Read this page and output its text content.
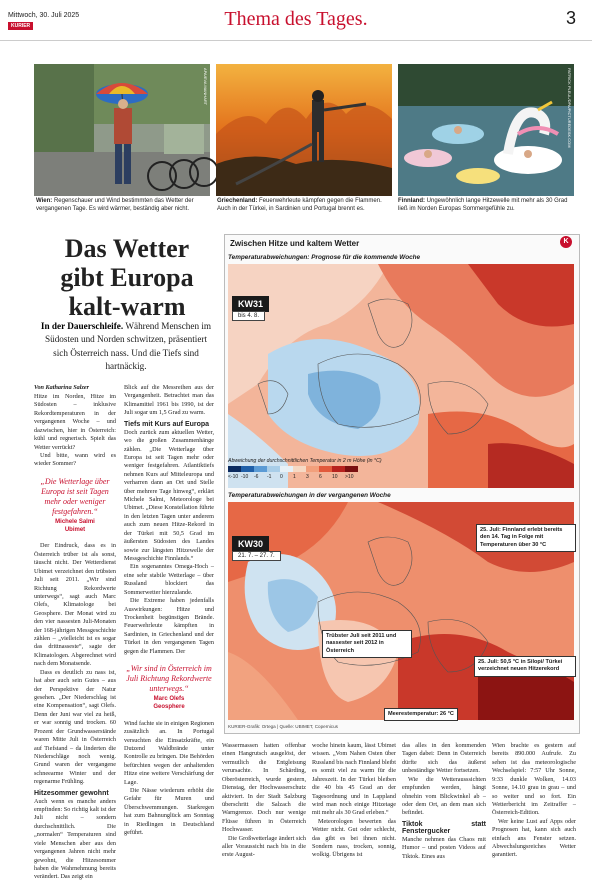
Mittwoch, 30. Juli 2025
KURIER	Thema des Tages.	3
APA/EVA MANHART	PATRICK PLEUL/DPA/PICTUREDESK.COM
Wien: Regenschauer und Wind bestimmten das Wetter der vergangenen Tage. Es wird wärmer, beständig aber nicht.
Griechenland: Feuerwehrleute kämpfen gegen die Flammen. Auch in der Türkei, in Sardinien und Portugal brennt es.
Finnland: Ungewöhnlich lange Hitzewelle mit mehr als 30 Grad ließ im Norden Europas Sommergefühle zu.
Das Wetter gibt Europa kalt-warm
In der Dauerschleife. Während Menschen im Südosten und Norden schwitzen, präsentiert sich Österreich nass. Und die Tiefs sind hartnäckig.
Von Katharina Salzer

Hitze im Norden, Hitze im Südosten – inklusive Rekordtemperaturen in der vergangenen Woche – und dazwischen, hier in Österreich: kühl und regnerisch. Spielt das Wetter verrückt?

Und bitte, wann wird es wieder Sommer?

„Die Wetterlage über Europa ist seit Tagen mehr oder weniger festgefahren.“
Michele Salmi
Ubimet

Der Eindruck, dass es in Österreich trüber ist als sonst, täuscht nicht. Der Wetterdienst Ubimet verzeichnet den trübsten Juli seit 2011. „Wir sind Richtung Rekordwerte unterwegs“, sagt auch Marc Olefs, Klimatologe bei Geosphere. Der Monat wird zu den vier nassesten Juli-Monaten der 168-jährigen Messgeschichte zählen – „vielleicht ist es sogar das drittnasseste“, sagte der Klimatologen. Abgerechnet wird nach dem Monatsende.

Dass es deutlich zu nass ist, hat aber auch sein Gutes – aus der Perspektive der Natur gesehen. „Der Niederschlag ist eine Kompensation“, sagt Olefs. Denn der Juni war viel zu heiß, er war sonnig und trocken. 60 Prozent der Grundwasserstände waren Mitte Juli in Österreich auf Tiefstand – da linderten die Niederschläge noch wenig. Grund waren der vergangene schneearme Winter und der regenarme Frühling.

Hitzesommer gewohnt

Auch wenn es manche anders empfinden: So richtig kalt ist der Juli nicht – sondern durchschnittlich. Die „normalen“ Temperaturen sind viele Menschen aber aus den vergangenen Jahren nicht mehr gewohnt, die Hitzesommer haben die Wahrnehmung bereits verändert. Das zeigt ein

Blick auf die Messreihen aus der Vergangenheit. Betrachtet man das Klimamittel 1961 bis 1990, ist der Juli sogar um 1,5 Grad zu warm.

Tiefs mit Kurs auf Europa

Doch zurück zum aktuellen Wetter, wo die großen Zusammenhänge zählen. „Die Wetterlage über Europa ist seit Tagen mehr oder weniger festgefahren. Atlantiktiefs nehmen Kurs auf Mitteleuropa und verharren dann an Ort und Stelle über mehrere Tage hinweg“, erklärt Michele Salmi, Meteorologe bei Ubimet. „Diese Konstellation führte in den letzten Tagen unter anderem auch zum neuen Hitze-Rekord in der Türkei mit 50,5 Grad im äußersten Südosten des Landes sowie zur längsten Hitzewelle der Messgeschichte Finnlands.“

Ein sogenanntes Omega-Hoch – eine sehr stabile Wetterlage – über Russland blockiert das Sommerwetter hierzulande.

Die Extreme haben jedenfalls Auswirkungen: Hitze und Trockenheit begünstigen Brände. Feuerwehrleute kämpften in Sardinien, in Griechenland und der Türkei in den vergangenen Tagen gegen die Flammen. Der

„Wir sind in Österreich im Juli Richtung Rekordwerte unterwegs.“
Marc Olefs
Geosphere

Wind fachte sie in einigen Regionen zusätzlich an. In Portugal versuchten die Einsatzkräfte, ein Dutzend Waldbrände unter Kontrolle zu bringen. Die Behörden befürchten wegen der anhaltenden Hitze eine weitere Verschärfung der Lage.

Die Nässe wiederum erhöht die Gefahr für Muren und Überschwemmungen. Starkregen hat zum Bahnunglück am Sonntag in Riedlingen in Deutschland geführt.

Wassermassen hatten offenbar einen Hangrutsch ausgelöst, der vermutlich die Entgleisung verursachte. In Schärding, Oberösterreich, wurde gestern, Dienstag, der Hochwasserschutz aktiviert. In der Stadt Salzburg überschritt die Salzach die Warngrenze. Doch nur wenige Flüsse führen in Österreich Hochwasser.

Die Großwetterlage ändert sich aller Voraussicht nach bis in die erste August-

woche hinein kaum, lässt Ubimet wissen. „Vom Nahen Osten über Russland bis nach Finnland bleibt es somit viel zu warm für die Jahreszeit. In der Türkei bleiben die 40 bis 45 Grad an der Tagesordnung und in Lappland wird man noch einige Hitzetage mit mehr als 30 Grad erleben.“

Meteorologen bewerten das Wetter nicht. Gut oder schlecht, das gibt es bei ihnen nicht. Sondern nass, trocken, sonnig, wolkig. Übrigens ist

das alles in den kommenden Tagen dabei: Denn in Österreich dürfte sich das äußerst unbeständige Wetter fortsetzen.

Wie die Wetterausssichten empfunden werden, hängt ohnehin vom Blickwinkel ab – oder dem Ort, an dem man sich befindet.

Tiktok statt Fenstergucker

Manche nehmen das Chaos mit Humor – und posten Videos auf Tiktok. Eines aus

Wien brachte es gestern auf bereits 890.000 Aufrufe. Zu sehen ist das meteorologische Wechselspiel: 7:57 Uhr Sonne, 9:33 dunkle Wolken, 14.03 Sonne, 14.10 grau in grau – und so weiter und so fort. Ein Wetterbericht im Zeitraffer – Österreich-Edition.

Wer keine Lust auf Apps oder Prognosen hat, kann sich auch einfach ans Fenster setzen. Abwechslungsreiches Wetter garantiert.

Zwischen Hitze und kaltem Wetter	K
Temperaturabweichungen: Prognose für die kommende Woche
KW31
bis 4. 8.
Abweichung der durchschnittlichen Temperatur in 2 m Höhe (in °C)
<-10 -10	-6	-1	0	1	3	6	10	>10
Temperaturabweichungen in der vergangenen Woche
KW30
21. 7. – 27. 7.
25. Juli: Finnland erlebt bereits den 14. Tag in Folge mit Temperaturen über 30 °C
Trübster Juli seit 2011 und nassester seit 2012 in Österreich
25. Juli: 50,5 °C in Silopi/ Türkei verzeichnet neuen Hitzerekord
Meerestemperatur: 26 °C
KURIER-Grafik: Ortega | Quelle: UBIMET, Copernicus
